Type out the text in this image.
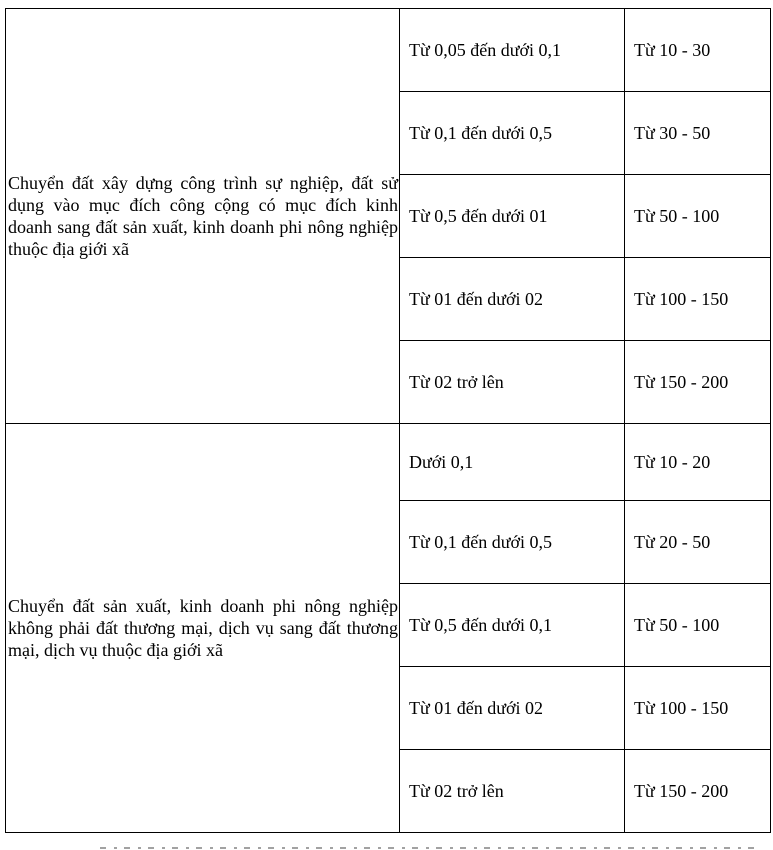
Chuyển đất xây dựng công trình sự nghiệp, đất sử dụng vào mục đích công cộng có mục đích kinh doanh sang đất sản xuất, kinh doanh phi nông nghiệp thuộc địa giới xã	Từ 0,05 đến dưới 0,1	Từ 10 - 30
	Từ 0,1 đến dưới 0,5	Từ 30 - 50
	Từ 0,5 đến dưới 01	Từ 50 - 100
	Từ 01 đến dưới 02	Từ 100 - 150
	Từ 02 trở lên	Từ 150 - 200

Chuyển đất sản xuất, kinh doanh phi nông nghiệp không phải đất thương mại, dịch vụ sang đất thương mại, dịch vụ thuộc địa giới xã	Dưới 0,1	Từ 10 - 20
	Từ 0,1 đến dưới 0,5	Từ 20 - 50
	Từ 0,5 đến dưới 0,1	Từ 50 - 100
	Từ 01 đến dưới 02	Từ 100 - 150
	Từ 02 trở lên	Từ 150 - 200
